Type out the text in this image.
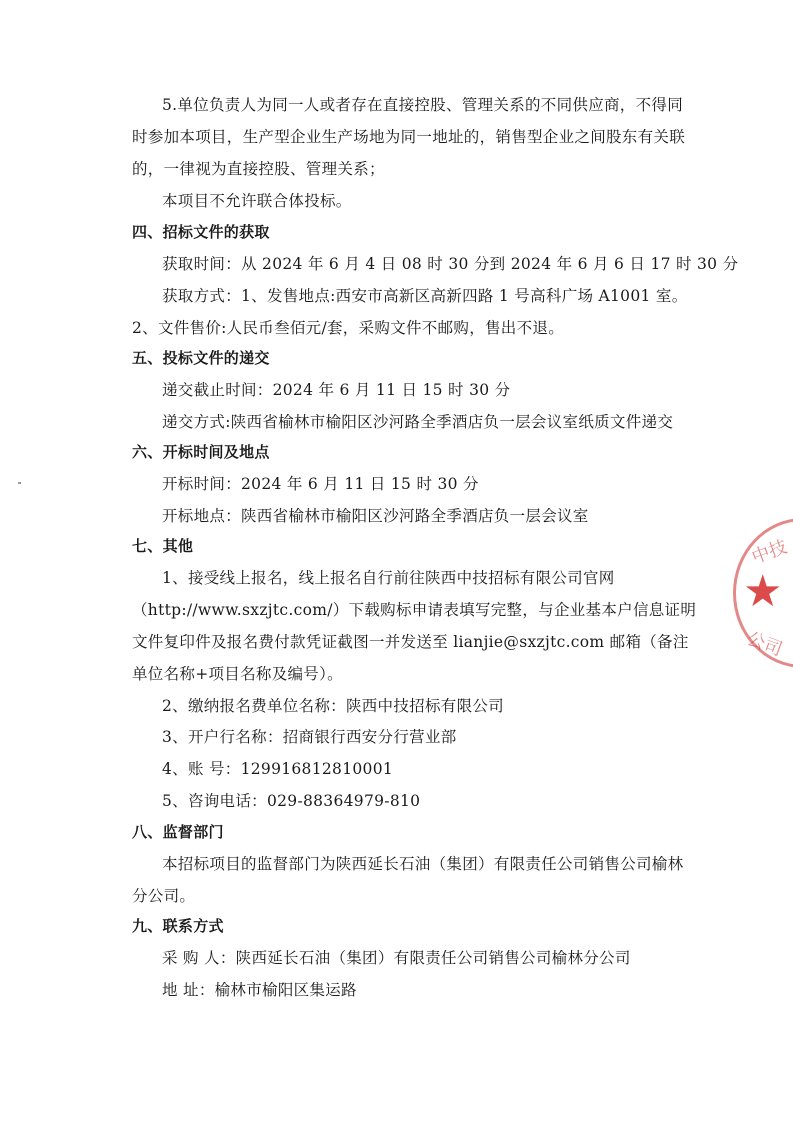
中技
★
公司
5.单位负责人为同一人或者存在直接控股、管理关系的不同供应商，不得同
时参加本项目，生产型企业生产场地为同一地址的，销售型企业之间股东有关联
的，一律视为直接控股、管理关系；
本项目不允许联合体投标。
四、招标文件的获取
获取时间：从 2024 年 6 月 4 日 08 时 30 分到 2024 年 6 月 6 日 17 时 30 分
获取方式：1、发售地点:西安市高新区高新四路 1 号高科广场 A1001 室。
2、文件售价:人民币叁佰元/套，采购文件不邮购，售出不退。
五、投标文件的递交
递交截止时间：2024 年 6 月 11 日 15 时 30 分
递交方式:陕西省榆林市榆阳区沙河路全季酒店负一层会议室纸质文件递交
六、开标时间及地点
开标时间：2024 年 6 月 11 日 15 时 30 分
开标地点：陕西省榆林市榆阳区沙河路全季酒店负一层会议室
七、其他
1、接受线上报名，线上报名自行前往陕西中技招标有限公司官网
（http://www.sxzjtc.com/）下载购标申请表填写完整，与企业基本户信息证明
文件复印件及报名费付款凭证截图一并发送至 lianjie@sxzjtc.com 邮箱（备注
单位名称+项目名称及编号）。
2、缴纳报名费单位名称：陕西中技招标有限公司
3、开户行名称：招商银行西安分行营业部
4、账 号：129916812810001
5、咨询电话：029-88364979-810
八、监督部门
本招标项目的监督部门为陕西延长石油（集团）有限责任公司销售公司榆林
分公司。
九、联系方式
采 购 人：陕西延长石油（集团）有限责任公司销售公司榆林分公司
地 址：榆林市榆阳区集运路
